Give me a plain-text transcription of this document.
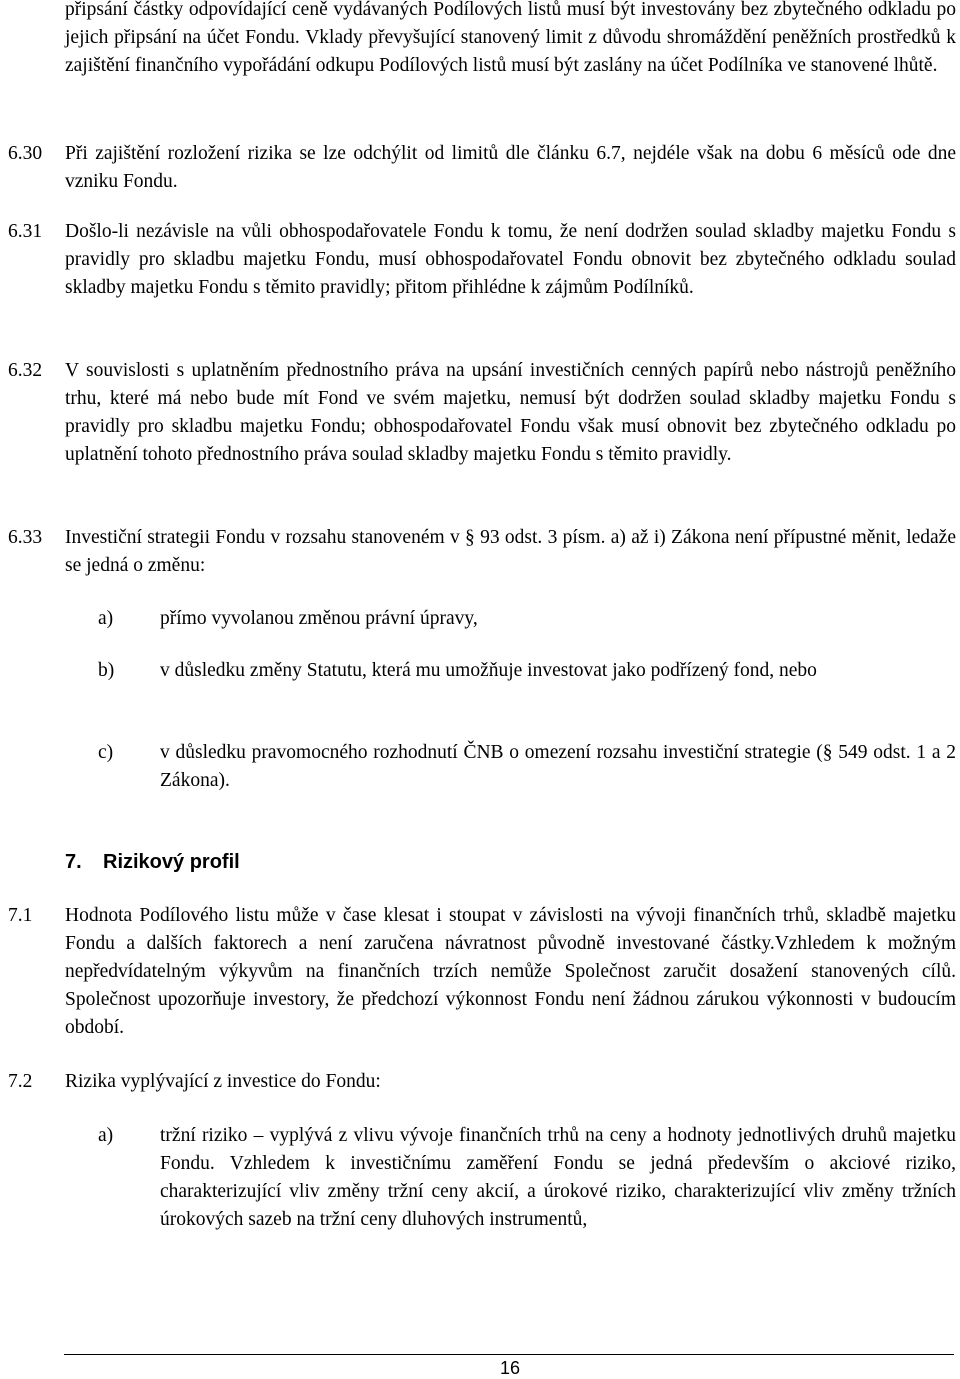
připsání částky odpovídající ceně vydávaných Podílových listů musí být investovány bez zbytečného odkladu po jejich připsání na účet Fondu. Vklady převyšující stanovený limit z důvodu shromáždění peněžních prostředků k zajištění finančního vypořádání odkupu Podílových listů musí být zaslány na účet Podílníka ve stanovené lhůtě.
6.30	Při zajištění rozložení rizika se lze odchýlit od limitů dle článku 6.7, nejdéle však na dobu 6 měsíců ode dne vzniku Fondu.
6.31	Došlo-li nezávisle na vůli obhospodařovatele Fondu k tomu, že není dodržen soulad skladby majetku Fondu s pravidly pro skladbu majetku Fondu, musí obhospodařovatel Fondu obnovit bez zbytečného odkladu soulad skladby majetku Fondu s těmito pravidly; přitom přihlédne k zájmům Podílníků.
6.32	V souvislosti s uplatněním přednostního práva na upsání investičních cenných papírů nebo nástrojů peněžního trhu, které má nebo bude mít Fond ve svém majetku, nemusí být dodržen soulad skladby majetku Fondu s pravidly pro skladbu majetku Fondu; obhospodařovatel Fondu však musí obnovit bez zbytečného odkladu po uplatnění tohoto přednostního práva soulad skladby majetku Fondu s těmito pravidly.
6.33	Investiční strategii Fondu v rozsahu stanoveném v § 93 odst. 3 písm. a) až i) Zákona není přípustné měnit, ledaže se jedná o změnu:
a)	přímo vyvolanou změnou právní úpravy,
b)	v důsledku změny Statutu, která mu umožňuje investovat jako podřízený fond, nebo
c)	v důsledku pravomocného rozhodnutí ČNB o omezení rozsahu investiční strategie (§ 549 odst. 1 a 2 Zákona).
7. Rizikový profil
7.1	Hodnota Podílového listu může v čase klesat i stoupat v závislosti na vývoji finančních trhů, skladbě majetku Fondu a dalších faktorech a není zaručena návratnost původně investované částky.Vzhledem k možným nepředvídatelným výkyvům na finančních trzích nemůže Společnost zaručit dosažení stanovených cílů. Společnost upozorňuje investory, že předchozí výkonnost Fondu není žádnou zárukou výkonnosti v budoucím období.
7.2	Rizika vyplývající z investice do Fondu:
a)	tržní riziko – vyplývá z vlivu vývoje finančních trhů na ceny a hodnoty jednotlivých druhů majetku Fondu. Vzhledem k investičnímu zaměření Fondu se jedná především o akciové riziko, charakterizující vliv změny tržní ceny akcií, a úrokové riziko, charakterizující vliv změny tržních úrokových sazeb na tržní ceny dluhových instrumentů,
16
